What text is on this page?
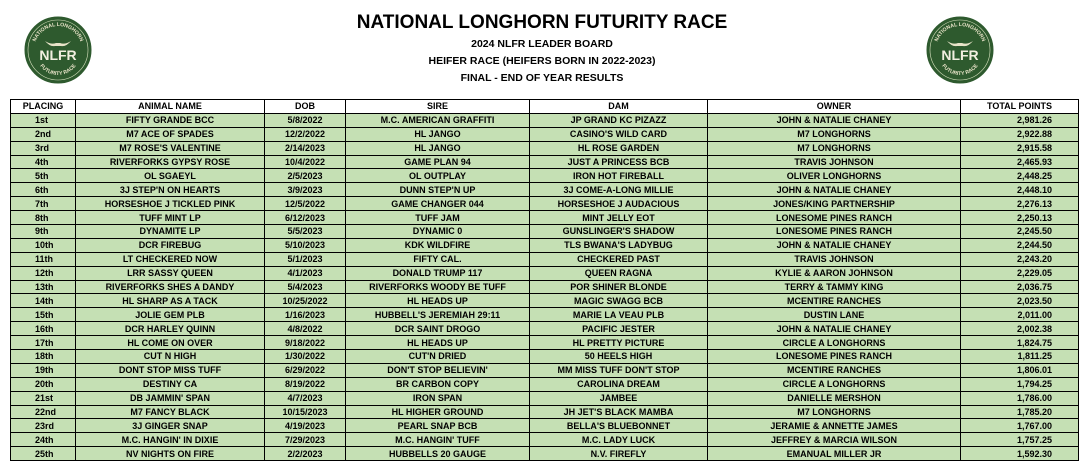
NATIONAL LONGHORN
FUTURITY RACE
NLFR
NATIONAL LONGHORN
FUTURITY RACE
NLFR
NATIONAL LONGHORN FUTURITY RACE
2024 NLFR LEADER BOARD
HEIFER RACE (HEIFERS BORN IN 2022-2023)
FINAL - END OF YEAR RESULTS
PLACING	ANIMAL NAME	DOB	SIRE	DAM	OWNER	TOTAL POINTS
1st	FIFTY GRANDE BCC	5/8/2022	M.C. AMERICAN GRAFFITI	JP GRAND KC PIZAZZ	JOHN & NATALIE CHANEY	2,981.26
2nd	M7 ACE OF SPADES	12/2/2022	HL JANGO	CASINO'S WILD CARD	M7 LONGHORNS	2,922.88
3rd	M7 ROSE'S VALENTINE	2/14/2023	HL JANGO	HL ROSE GARDEN	M7 LONGHORNS	2,915.58
4th	RIVERFORKS GYPSY ROSE	10/4/2022	GAME PLAN 94	JUST A PRINCESS BCB	TRAVIS JOHNSON	2,465.93
5th	OL SGAEYL	2/5/2023	OL OUTPLAY	IRON HOT FIREBALL	OLIVER LONGHORNS	2,448.25
6th	3J STEP'N ON HEARTS	3/9/2023	DUNN STEP'N UP	3J COME-A-LONG MILLIE	JOHN & NATALIE CHANEY	2,448.10
7th	HORSESHOE J TICKLED PINK	12/5/2022	GAME CHANGER 044	HORSESHOE J AUDACIOUS	JONES/KING PARTNERSHIP	2,276.13
8th	TUFF MINT LP	6/12/2023	TUFF JAM	MINT JELLY EOT	LONESOME PINES RANCH	2,250.13
9th	DYNAMITE LP	5/5/2023	DYNAMIC 0	GUNSLINGER'S SHADOW	LONESOME PINES RANCH	2,245.50
10th	DCR FIREBUG	5/10/2023	KDK WILDFIRE	TLS BWANA'S LADYBUG	JOHN & NATALIE CHANEY	2,244.50
11th	LT CHECKERED NOW	5/1/2023	FIFTY CAL.	CHECKERED PAST	TRAVIS JOHNSON	2,243.20
12th	LRR SASSY QUEEN	4/1/2023	DONALD TRUMP 117	QUEEN RAGNA	KYLIE & AARON JOHNSON	2,229.05
13th	RIVERFORKS SHES A DANDY	5/4/2023	RIVERFORKS WOODY BE TUFF	POR SHINER BLONDE	TERRY & TAMMY KING	2,036.75
14th	HL SHARP AS A TACK	10/25/2022	HL HEADS UP	MAGIC SWAGG BCB	MCENTIRE RANCHES	2,023.50
15th	JOLIE GEM PLB	1/16/2023	HUBBELL'S JEREMIAH 29:11	MARIE LA VEAU PLB	DUSTIN LANE	2,011.00
16th	DCR HARLEY QUINN	4/8/2022	DCR SAINT DROGO	PACIFIC JESTER	JOHN & NATALIE CHANEY	2,002.38
17th	HL COME ON OVER	9/18/2022	HL HEADS UP	HL PRETTY PICTURE	CIRCLE A LONGHORNS	1,824.75
18th	CUT N HIGH	1/30/2022	CUT'N DRIED	50 HEELS HIGH	LONESOME PINES RANCH	1,811.25
19th	DONT STOP MISS TUFF	6/29/2022	DON'T STOP BELIEVIN'	MM MISS TUFF DON'T STOP	MCENTIRE RANCHES	1,806.01
20th	DESTINY CA	8/19/2022	BR CARBON COPY	CAROLINA DREAM	CIRCLE A LONGHORNS	1,794.25
21st	DB JAMMIN' SPAN	4/7/2023	IRON SPAN	JAMBEE	DANIELLE MERSHON	1,786.00
22nd	M7 FANCY BLACK	10/15/2023	HL HIGHER GROUND	JH JET'S BLACK MAMBA	M7 LONGHORNS	1,785.20
23rd	3J GINGER SNAP	4/19/2023	PEARL SNAP BCB	BELLA'S BLUEBONNET	JERAMIE & ANNETTE JAMES	1,767.00
24th	M.C. HANGIN' IN DIXIE	7/29/2023	M.C. HANGIN' TUFF	M.C. LADY LUCK	JEFFREY & MARCIA WILSON	1,757.25
25th	NV NIGHTS ON FIRE	2/2/2023	HUBBELLS 20 GAUGE	N.V. FIREFLY	EMANUAL MILLER JR	1,592.30
